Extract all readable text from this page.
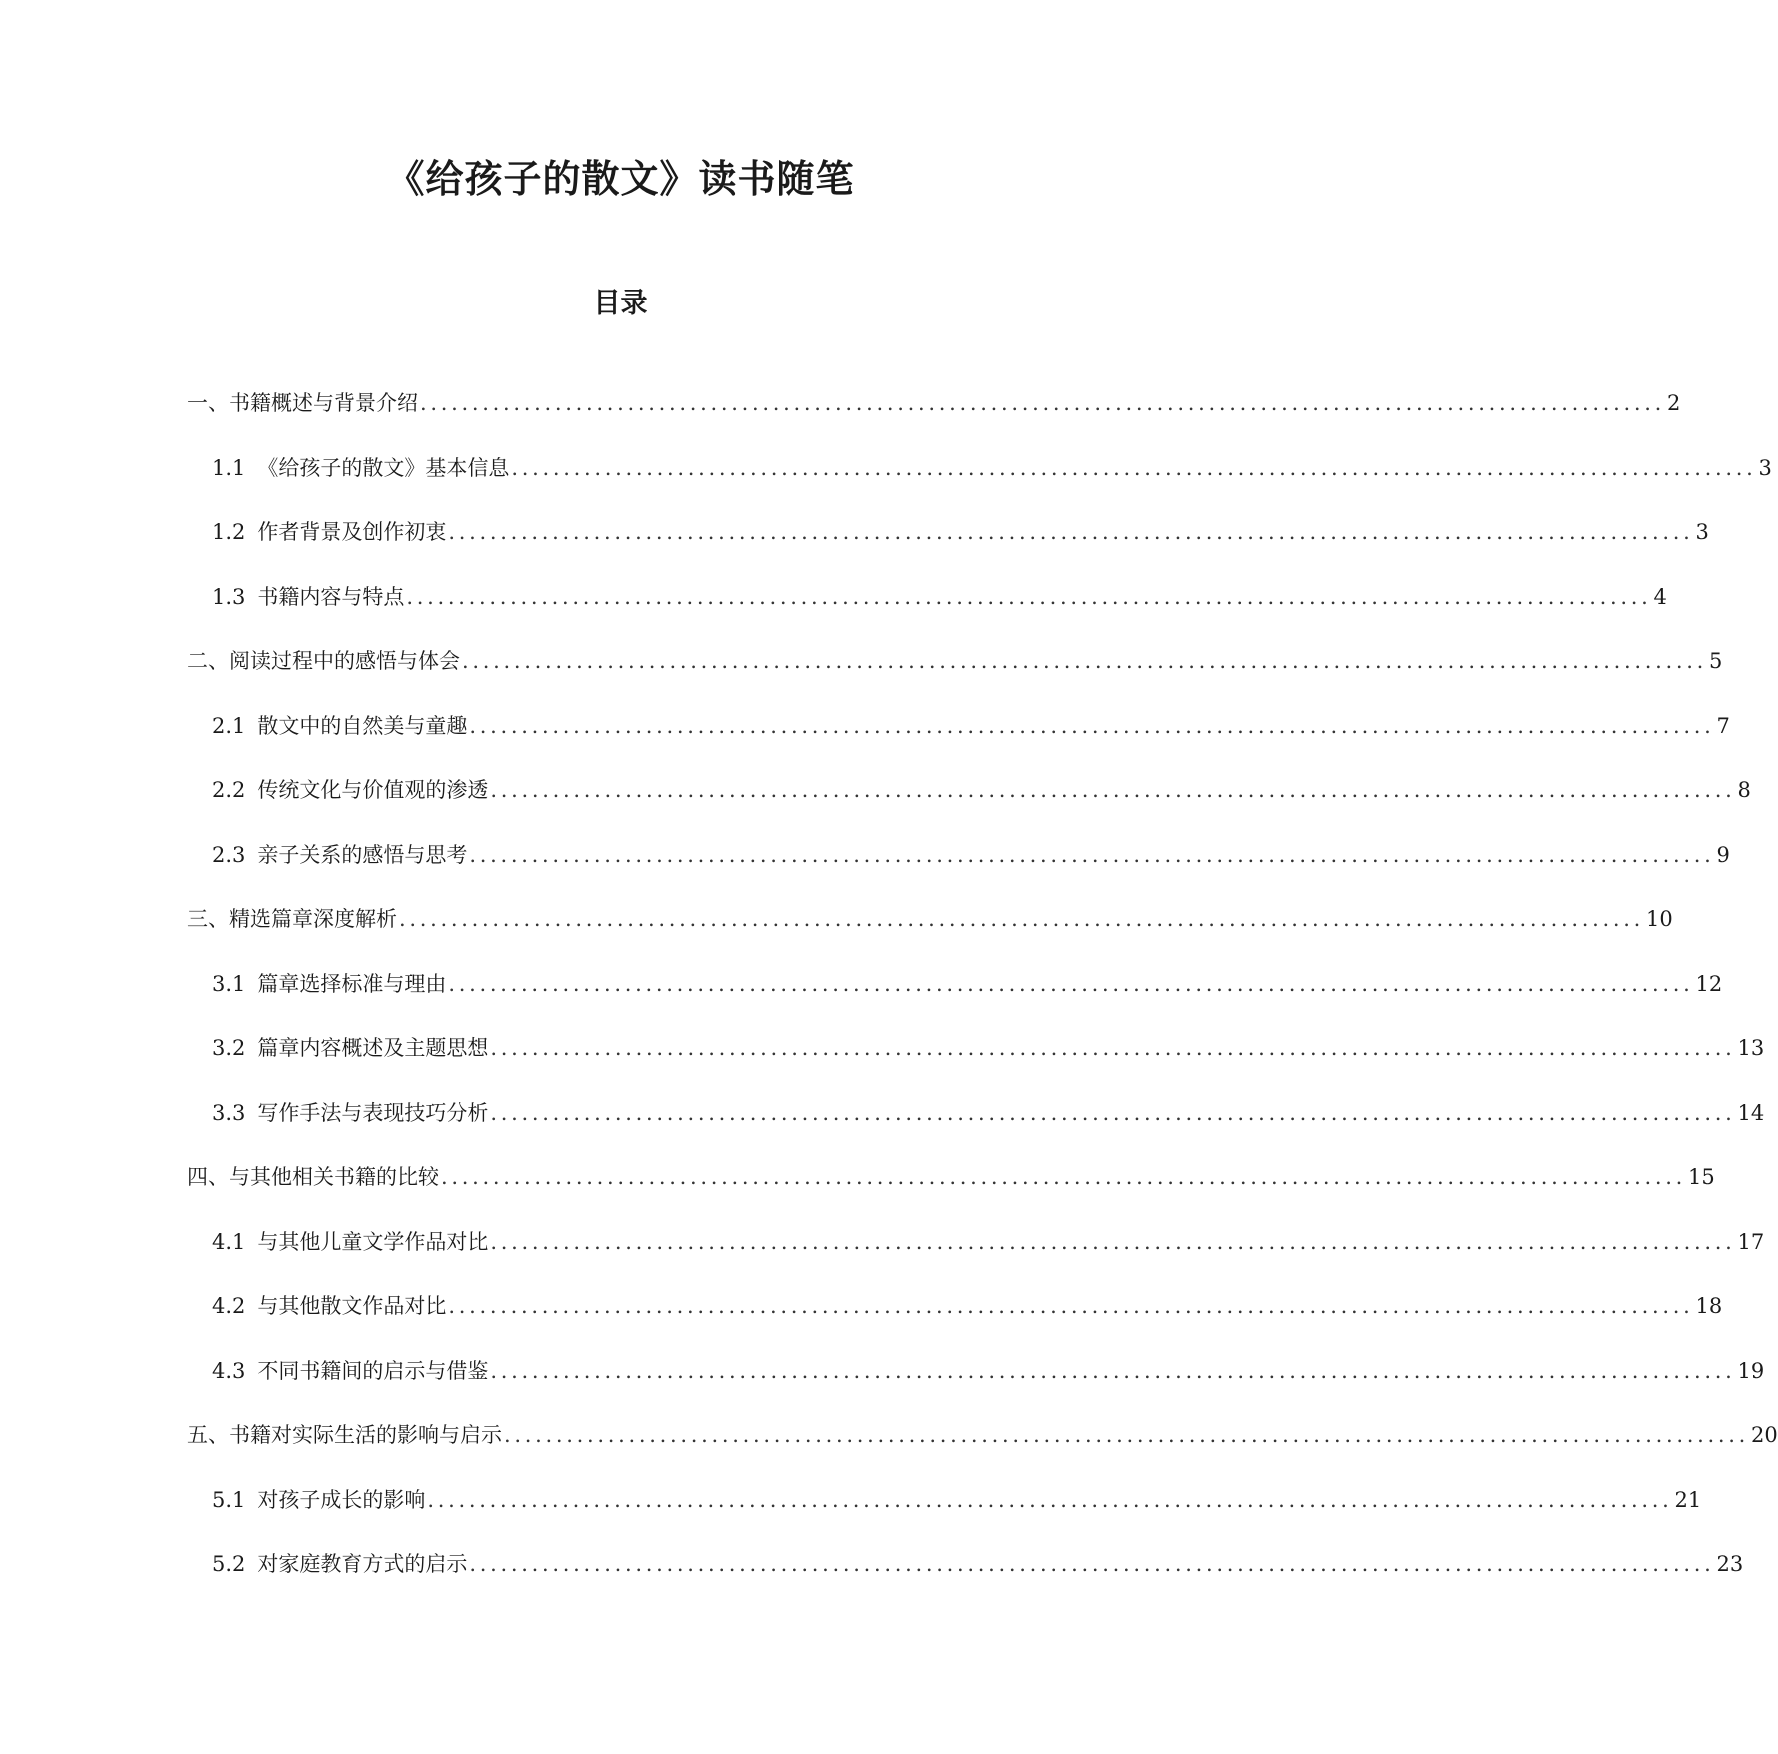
《给孩子的散文》读书随笔
目录
一、书籍概述与背景介绍 ........................................................................................................................ 2
1.1 《给孩子的散文》基本信息 ........................................................................................................................ 3
1.2 作者背景及创作初衷 ........................................................................................................................ 3
1.3 书籍内容与特点 ........................................................................................................................ 4
二、阅读过程中的感悟与体会 ........................................................................................................................ 5
2.1 散文中的自然美与童趣 ........................................................................................................................ 7
2.2 传统文化与价值观的渗透 ........................................................................................................................ 8
2.3 亲子关系的感悟与思考 ........................................................................................................................ 9
三、精选篇章深度解析 ........................................................................................................................ 10
3.1 篇章选择标准与理由 ........................................................................................................................ 12
3.2 篇章内容概述及主题思想 ........................................................................................................................ 13
3.3 写作手法与表现技巧分析 ........................................................................................................................ 14
四、与其他相关书籍的比较 ........................................................................................................................ 15
4.1 与其他儿童文学作品对比 ........................................................................................................................ 17
4.2 与其他散文作品对比 ........................................................................................................................ 18
4.3 不同书籍间的启示与借鉴 ........................................................................................................................ 19
五、书籍对实际生活的影响与启示 ........................................................................................................................ 20
5.1 对孩子成长的影响 ........................................................................................................................ 21
5.2 对家庭教育方式的启示 ........................................................................................................................ 23
